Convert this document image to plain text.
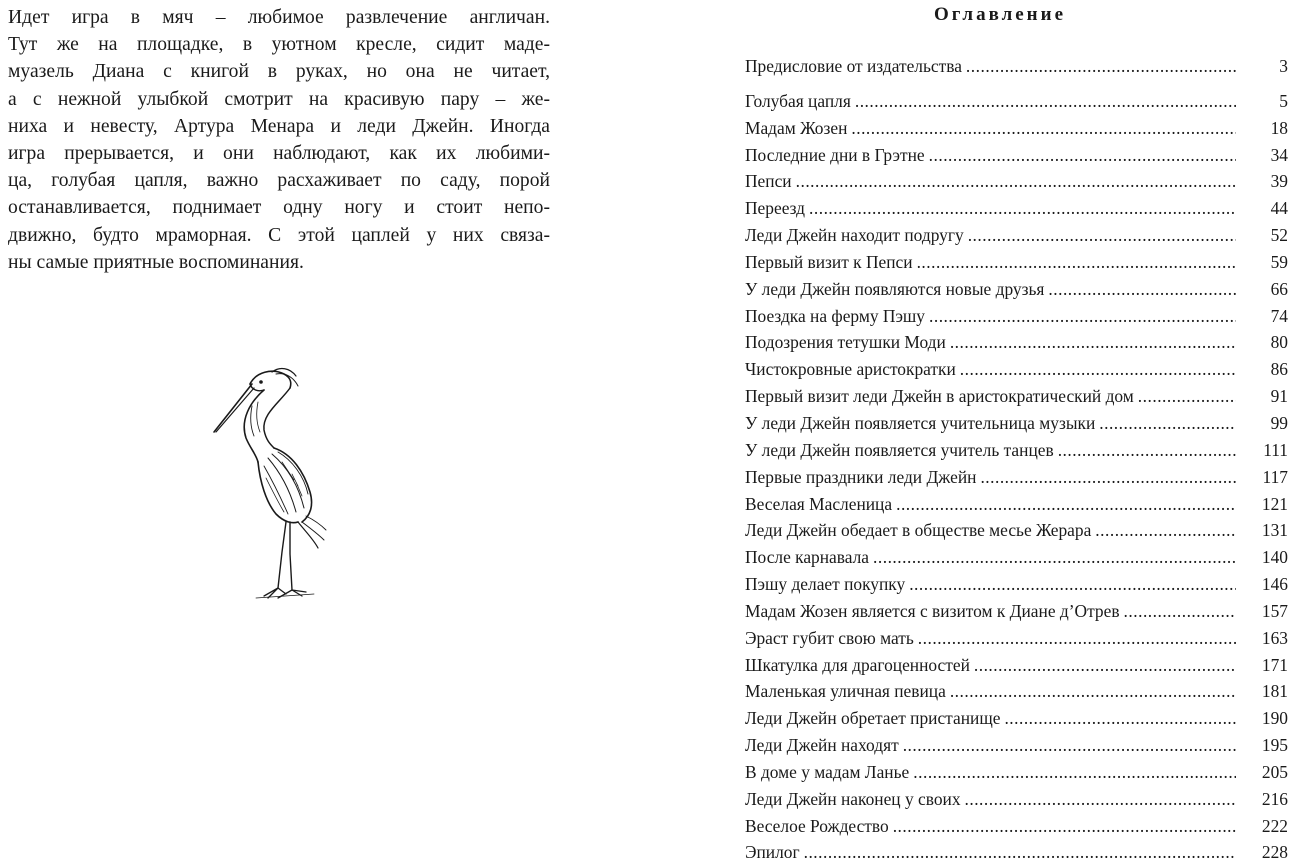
Идет игра в мяч – любимое развлечение англичан.
Тут же на площадке, в уютном кресле, сидит маде-
муазель Диана с книгой в руках, но она не читает,
а с нежной улыбкой смотрит на красивую пару – же-
ниха и невесту, Артура Менара и леди Джейн. Иногда
игра прерывается, и они наблюдают, как их любими-
ца, голубая цапля, важно расхаживает по саду, порой
останавливается, поднимает одну ногу и стоит непо-
движно, будто мраморная. С этой цаплей у них связа-
ны самые приятные воспоминания.

Оглавление
Предисловие от издательства .....	3
Голубая цапля .....	5
Мадам Жозен .....	18
Последние дни в Грэтне .....	34
Пепси .....	39
Переезд .....	44
Леди Джейн находит подругу .....	52
Первый визит к Пепси .....	59
У леди Джейн появляются новые друзья .....	66
Поездка на ферму Пэшу .....	74
Подозрения тетушки Моди .....	80
Чистокровные аристократки .....	86
Первый визит леди Джейн в аристократический дом .....	91
У леди Джейн появляется учительница музыки .....	99
У леди Джейн появляется учитель танцев .....	111
Первые праздники леди Джейн .....	117
Веселая Масленица .....	121
Леди Джейн обедает в обществе месье Жерара .....	131
После карнавала .....	140
Пэшу делает покупку .....	146
Мадам Жозен является с визитом к Диане д’Отрев .....	157
Эраст губит свою мать .....	163
Шкатулка для драгоценностей .....	171
Маленькая уличная певица .....	181
Леди Джейн обретает пристанище .....	190
Леди Джейн находят .....	195
В доме у мадам Ланье .....	205
Леди Джейн наконец у своих .....	216
Веселое Рождество .....	222
Эпилог .....	228
